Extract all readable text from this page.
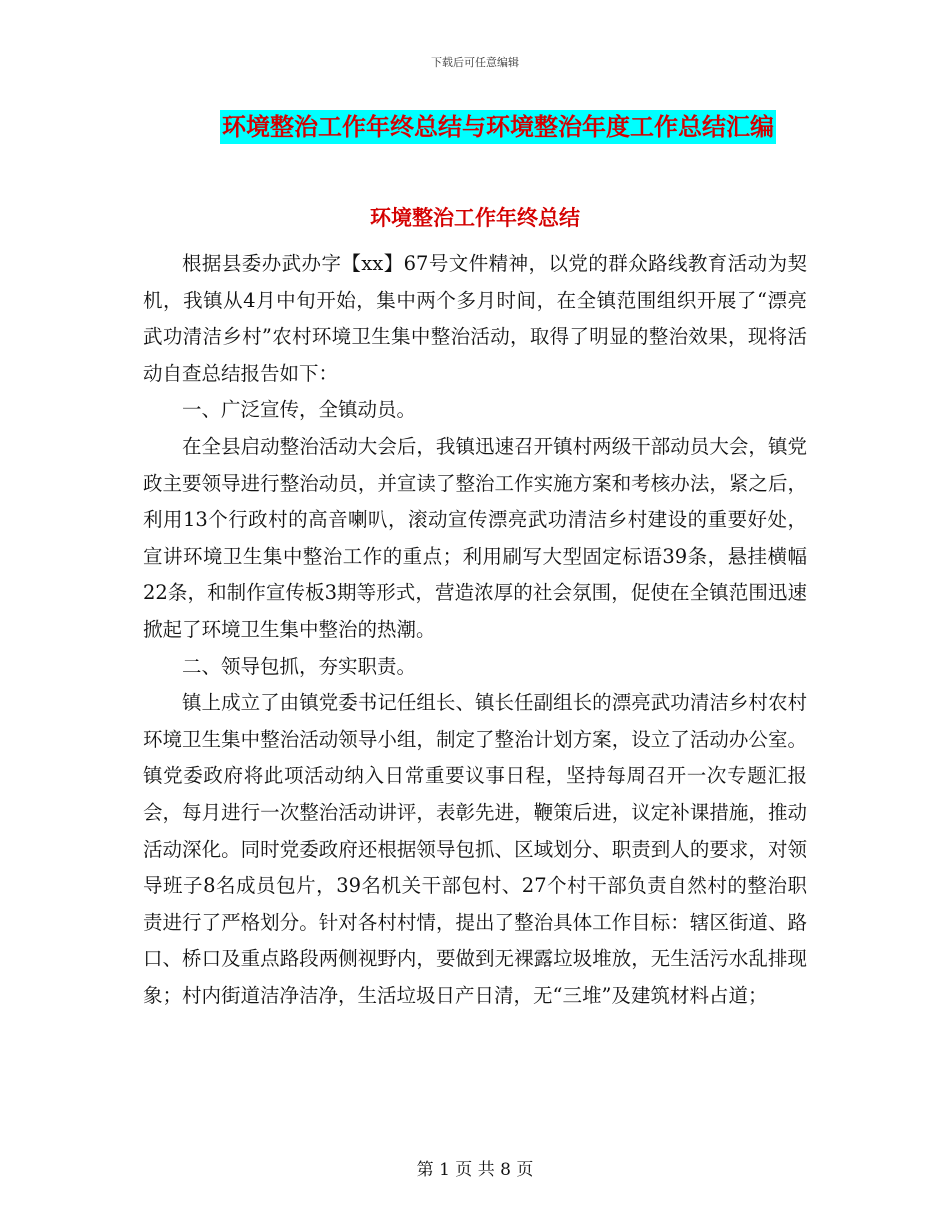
下载后可任意编辑
环境整治工作年终总结与环境整治年度工作总结汇编
环境整治工作年终总结

根据县委办武办字【xx】67号文件精神，以党的群众路线教育活动为契机，我镇从4月中旬开始，集中两个多月时间，在全镇范围组织开展了“漂亮武功清洁乡村”农村环境卫生集中整治活动，取得了明显的整治效果，现将活动自查总结报告如下：

一、广泛宣传，全镇动员。

在全县启动整治活动大会后，我镇迅速召开镇村两级干部动员大会，镇党政主要领导进行整治动员，并宣读了整治工作实施方案和考核办法，紧之后，利用13个行政村的高音喇叭，滚动宣传漂亮武功清洁乡村建设的重要好处，宣讲环境卫生集中整治工作的重点；利用刷写大型固定标语39条，悬挂横幅22条，和制作宣传板3期等形式，营造浓厚的社会氛围，促使在全镇范围迅速掀起了环境卫生集中整治的热潮。

二、领导包抓，夯实职责。

镇上成立了由镇党委书记任组长、镇长任副组长的漂亮武功清洁乡村农村环境卫生集中整治活动领导小组，制定了整治计划方案，设立了活动办公室。镇党委政府将此项活动纳入日常重要议事日程，坚持每周召开一次专题汇报会，每月进行一次整治活动讲评，表彰先进，鞭策后进，议定补课措施，推动活动深化。同时党委政府还根据领导包抓、区域划分、职责到人的要求，对领导班子8名成员包片，39名机关干部包村、27个村干部负责自然村的整治职责进行了严格划分。针对各村村情，提出了整治具体工作目标：辖区街道、路口、桥口及重点路段两侧视野内，要做到无裸露垃圾堆放，无生活污水乱排现象；村内街道洁净洁净，生活垃圾日产日清，无“三堆”及建筑材料占道；

第 1 页 共 8 页
